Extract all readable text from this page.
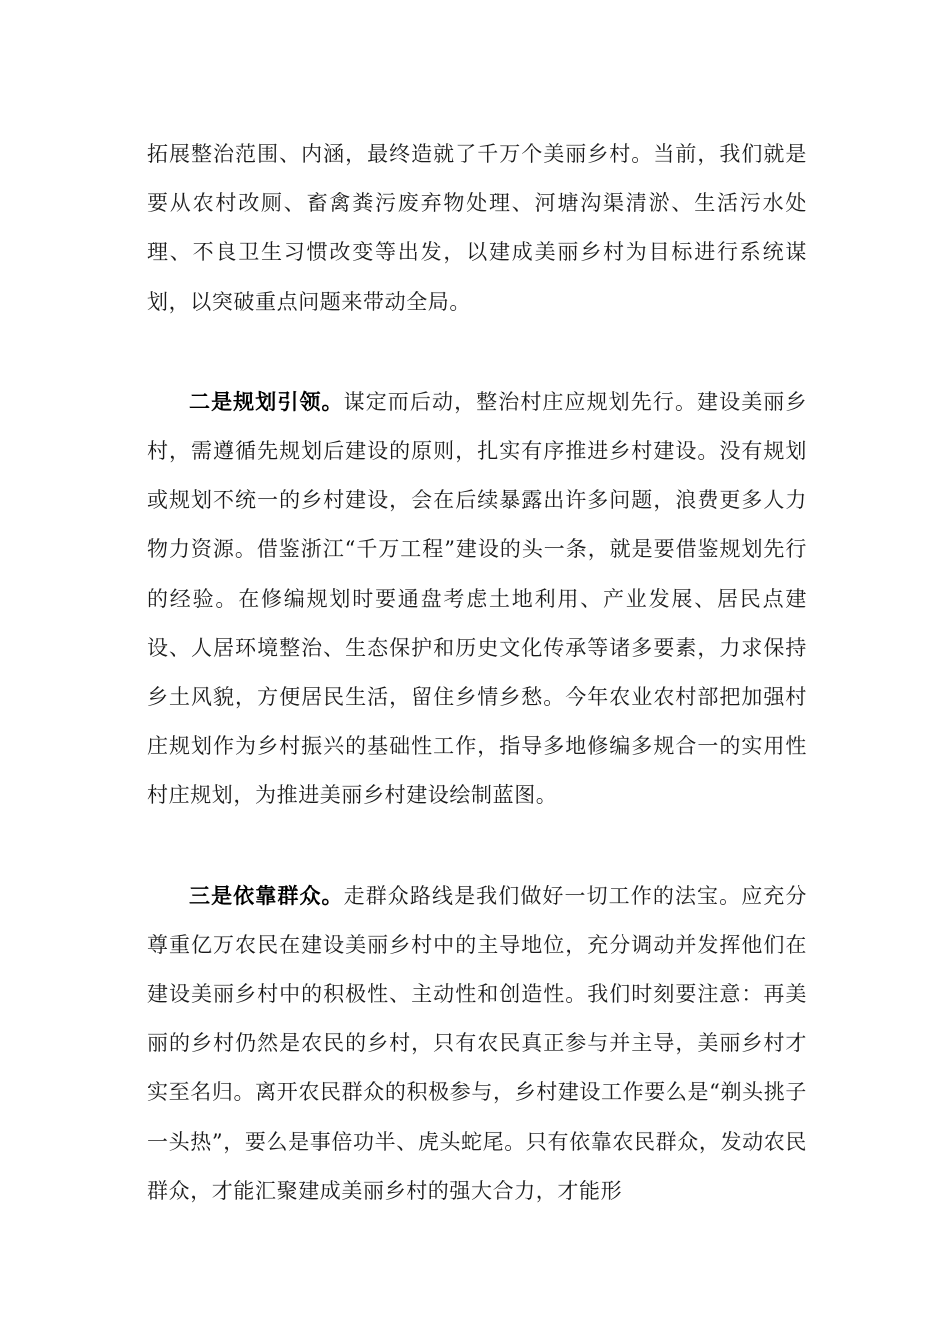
拓展整治范围、内涵，最终造就了千万个美丽乡村。当前，我们就是要从农村改厕、畜禽粪污废弃物处理、河塘沟渠清淤、生活污水处理、不良卫生习惯改变等出发，以建成美丽乡村为目标进行系统谋划，以突破重点问题来带动全局。

二是规划引领。谋定而后动，整治村庄应规划先行。建设美丽乡村，需遵循先规划后建设的原则，扎实有序推进乡村建设。没有规划或规划不统一的乡村建设，会在后续暴露出许多问题，浪费更多人力物力资源。借鉴浙江“千万工程”建设的头一条，就是要借鉴规划先行的经验。在修编规划时要通盘考虑土地利用、产业发展、居民点建设、人居环境整治、生态保护和历史文化传承等诸多要素，力求保持乡土风貌，方便居民生活，留住乡情乡愁。今年农业农村部把加强村庄规划作为乡村振兴的基础性工作，指导多地修编多规合一的实用性村庄规划，为推进美丽乡村建设绘制蓝图。

三是依靠群众。走群众路线是我们做好一切工作的法宝。应充分尊重亿万农民在建设美丽乡村中的主导地位，充分调动并发挥他们在建设美丽乡村中的积极性、主动性和创造性。我们时刻要注意：再美丽的乡村仍然是农民的乡村，只有农民真正参与并主导，美丽乡村才实至名归。离开农民群众的积极参与，乡村建设工作要么是“剃头挑子一头热”，要么是事倍功半、虎头蛇尾。只有依靠农民群众，发动农民群众，才能汇聚建成美丽乡村的强大合力，才能形
